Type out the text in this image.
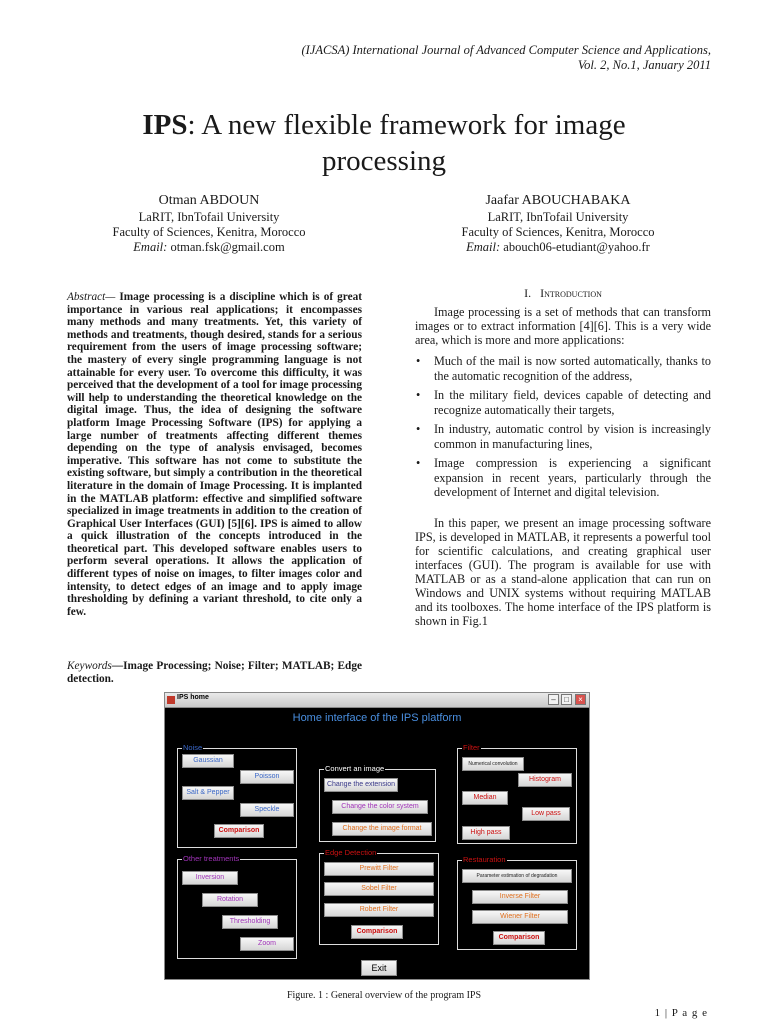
(IJACSA) International Journal of Advanced Computer Science and Applications,
Vol. 2, No.1, January 2011
IPS: A new flexible framework for image
processing
Otman ABDOUN
LaRIT, IbnTofail University
Faculty of Sciences, Kenitra, Morocco
Email: otman.fsk@gmail.com
Jaafar ABOUCHABAKA
LaRIT, IbnTofail University
Faculty of Sciences, Kenitra, Morocco
Email: abouch06-etudiant@yahoo.fr
Abstract— Image processing is a discipline which is of great importance in various real applications; it encompasses many methods and many treatments. Yet, this variety of methods and treatments, though desired, stands for a serious requirement from the users of image processing software; the mastery of every single programming language is not attainable for every user. To overcome this difficulty, it was perceived that the development of a tool for image processing will help to understanding the theoretical knowledge on the digital image. Thus, the idea of designing the software platform Image Processing Software (IPS) for applying a large number of treatments affecting different themes depending on the type of analysis envisaged, becomes imperative. This software has not come to substitute the existing software, but simply a contribution in the theoretical literature in the domain of Image Processing. It is implanted in the MATLAB platform: effective and simplified software specialized in image treatments in addition to the creation of Graphical User Interfaces (GUI) [5][6]. IPS is aimed to allow a quick illustration of the concepts introduced in the theoretical part. This developed software enables users to perform several operations. It allows the application of different types of noise on images, to filter images color and intensity, to detect edges of an image and to apply image thresholding by defining a variant threshold, to cite only a few.
Keywords—Image Processing; Noise; Filter; MATLAB; Edge detection.
I. Introduction
Image processing is a set of methods that can transform images or to extract information [4][6]. This is a very wide area, which is more and more applications:
• Much of the mail is now sorted automatically, thanks to the automatic recognition of the address,
• In the military field, devices capable of detecting and recognize automatically their targets,
• In industry, automatic control by vision is increasingly common in manufacturing lines,
• Image compression is experiencing a significant expansion in recent years, particularly through the development of Internet and digital television.
In this paper, we present an image processing software IPS, is developed in MATLAB, it represents a powerful tool for scientific calculations, and creating graphical user interfaces (GUI). The program is available for use with MATLAB or as a stand-alone application that can run on Windows and UNIX systems without requiring MATLAB and its toolboxes. The home interface of the IPS platform is shown in Fig.1
IPS home	–	□	×
Home interface of the IPS platform
Noise
Gaussian
Poisson
Salt & Pepper
Speckle
Comparison
Convert an image
Change the extension
Change the color system
Change the image format
Filter
Numerical convolution
Histogram
Median
Low pass
High pass
Other treatments
Inversion
Rotation
Thresholding
Zoom
Edge Detection
Prewitt Filter
Sobel Filter
Robert Filter
Comparison
Restauration
Parameter estimation of degradation
Inverse Filter
Wiener Filter
Comparison
Exit
Figure. 1 : General overview of the program IPS
1 | P a g e
